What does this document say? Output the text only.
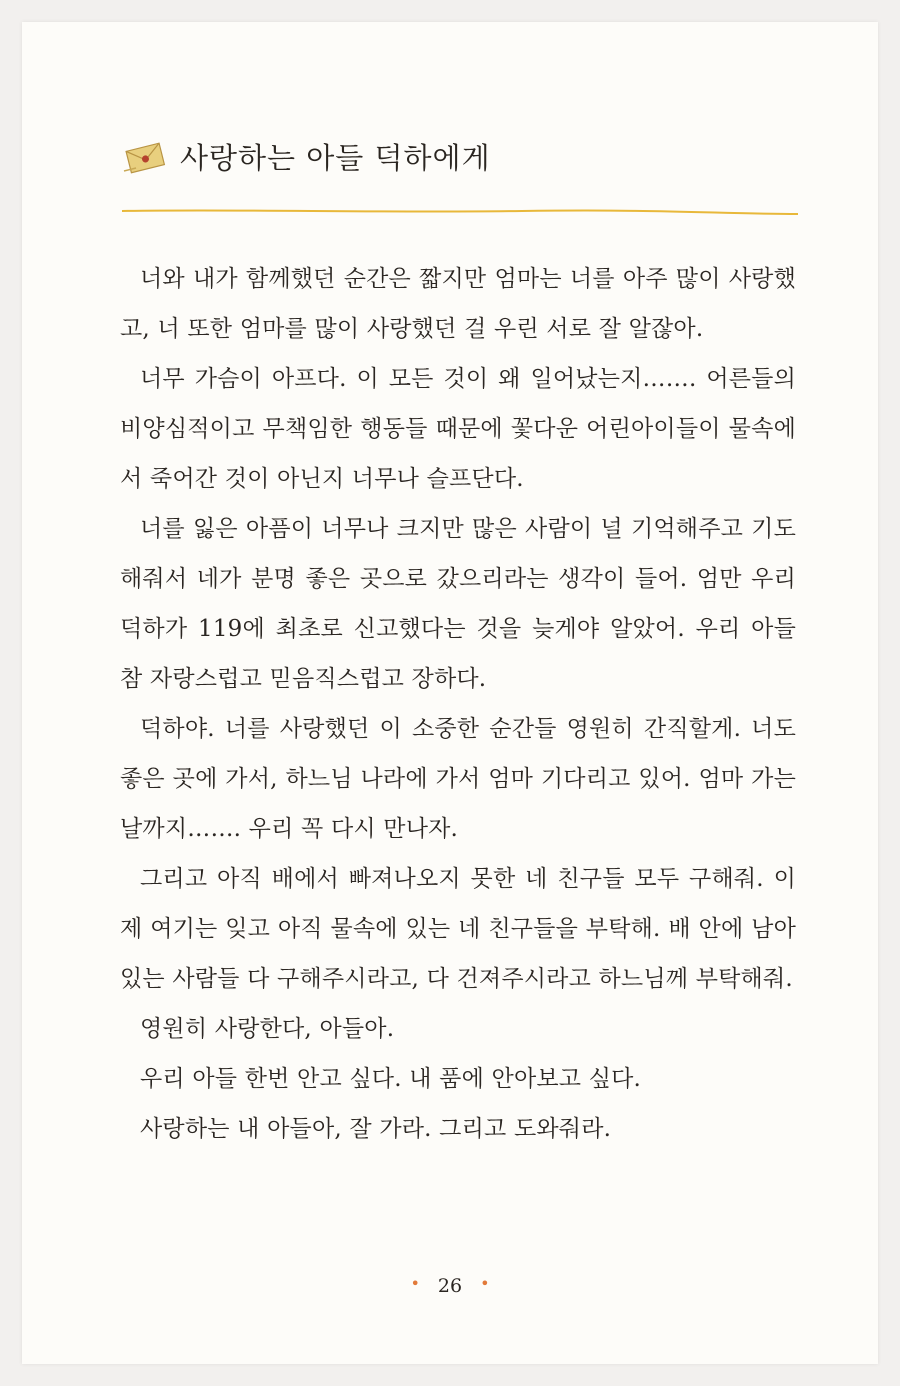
사랑하는 아들 덕하에게

너와 내가 함께했던 순간은 짧지만 엄마는 너를 아주 많이 사랑했고, 너 또한 엄마를 많이 사랑했던 걸 우린 서로 잘 알잖아.

너무 가슴이 아프다. 이 모든 것이 왜 일어났는지……. 어른들의 비양심적이고 무책임한 행동들 때문에 꽃다운 어린아이들이 물속에서 죽어간 것이 아닌지 너무나 슬프단다.

너를 잃은 아픔이 너무나 크지만 많은 사람이 널 기억해주고 기도해줘서 네가 분명 좋은 곳으로 갔으리라는 생각이 들어. 엄만 우리 덕하가 119에 최초로 신고했다는 것을 늦게야 알았어. 우리 아들 참 자랑스럽고 믿음직스럽고 장하다.

덕하야. 너를 사랑했던 이 소중한 순간들 영원히 간직할게. 너도 좋은 곳에 가서, 하느님 나라에 가서 엄마 기다리고 있어. 엄마 가는 날까지……. 우리 꼭 다시 만나자.

그리고 아직 배에서 빠져나오지 못한 네 친구들 모두 구해줘. 이제 여기는 잊고 아직 물속에 있는 네 친구들을 부탁해. 배 안에 남아 있는 사람들 다 구해주시라고, 다 건져주시라고 하느님께 부탁해줘.

영원히 사랑한다, 아들아.

우리 아들 한번 안고 싶다. 내 품에 안아보고 싶다.

사랑하는 내 아들아, 잘 가라. 그리고 도와줘라.

• 26 •
